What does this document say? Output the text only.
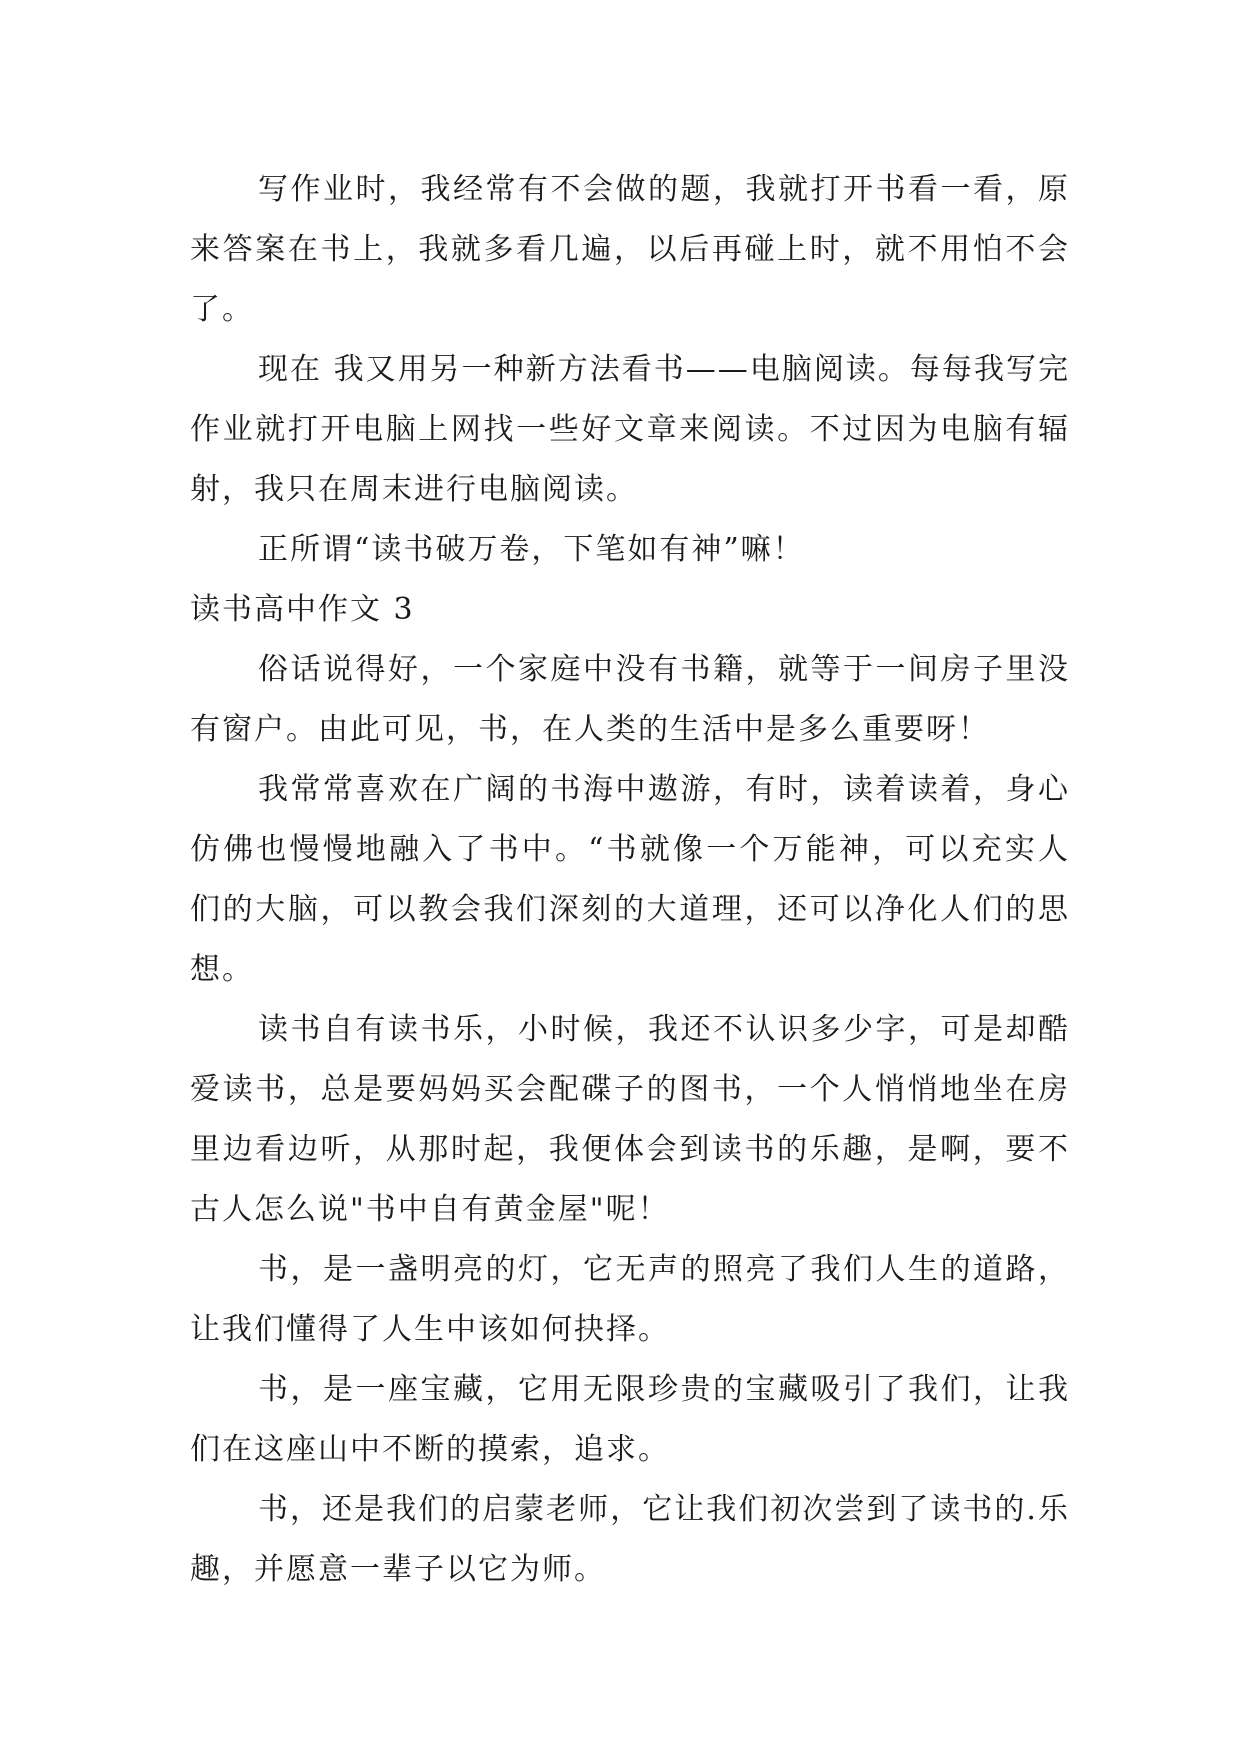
写作业时，我经常有不会做的题，我就打开书看一看，原来答案在书上，我就多看几遍，以后再碰上时，就不用怕不会了。

现在 我又用另一种新方法看书——电脑阅读。每每我写完作业就打开电脑上网找一些好文章来阅读。不过因为电脑有辐射，我只在周末进行电脑阅读。

正所谓“读书破万卷，下笔如有神”嘛！

读书高中作文 3

俗话说得好，一个家庭中没有书籍，就等于一间房子里没有窗户。由此可见，书，在人类的生活中是多么重要呀！

我常常喜欢在广阔的书海中遨游，有时，读着读着，身心仿佛也慢慢地融入了书中。“书就像一个万能神，可以充实人们的大脑，可以教会我们深刻的大道理，还可以净化人们的思想。

读书自有读书乐，小时候，我还不认识多少字，可是却酷爱读书，总是要妈妈买会配碟子的图书，一个人悄悄地坐在房里边看边听，从那时起，我便体会到读书的乐趣，是啊，要不古人怎么说"书中自有黄金屋"呢！

书，是一盏明亮的灯，它无声的照亮了我们人生的道路，让我们懂得了人生中该如何抉择。

书，是一座宝藏，它用无限珍贵的宝藏吸引了我们，让我们在这座山中不断的摸索，追求。

书，还是我们的启蒙老师，它让我们初次尝到了读书的.乐趣，并愿意一辈子以它为师。
